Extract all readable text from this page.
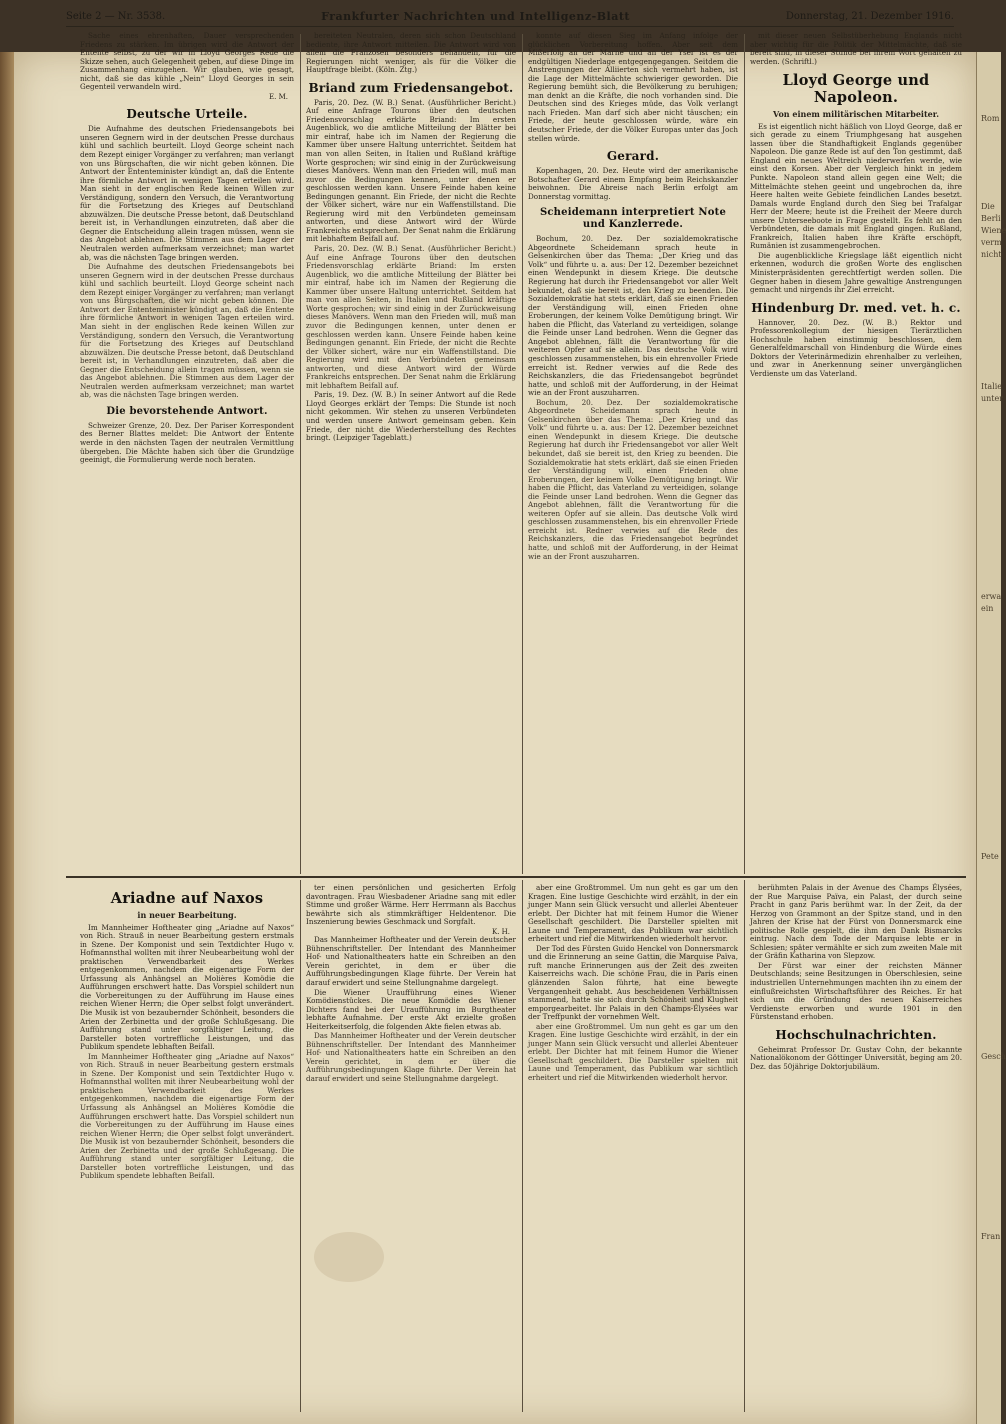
Rom
Die
Berli
Wiene
verm
nicht
Italie
unter
erwa
ein
Pete
Gesch
Fran
Seite 2 — Nr. 3538.	Frankfurter Nachrichten und Intelligenz-Blatt	Donnerstag, 21. Dezember 1916.

Sache eines ehrenhaften, Dauer versprechenden Friedens zu stärken. Im übrigen wird die Antwort der Entente selbst, zu der wir in Lloyd Georges Rede die Skizze sehen, auch Gelegenheit geben, auf diese Dinge im Zusammenhang einzugehen. Wir glauben, wie gesagt, nicht, daß sie das kühle „Nein“ Lloyd Georges in sein Gegenteil verwandeln wird.

E. M.
Deutsche Urteile.

Die Aufnahme des deutschen Friedensangebots bei unseren Gegnern wird in der deutschen Presse durchaus kühl und sachlich beurteilt. Lloyd George scheint nach dem Rezept einiger Vorgänger zu verfahren; man verlangt von uns Bürgschaften, die wir nicht geben können. Die Antwort der Ententeminister kündigt an, daß die Entente ihre förmliche Antwort in wenigen Tagen erteilen wird. Man sieht in der englischen Rede keinen Willen zur Verständigung, sondern den Versuch, die Verantwortung für die Fortsetzung des Krieges auf Deutschland abzuwälzen. Die deutsche Presse betont, daß Deutschland bereit ist, in Verhandlungen einzutreten, daß aber die Gegner die Entscheidung allein tragen müssen, wenn sie das Angebot ablehnen. Die Stimmen aus dem Lager der Neutralen werden aufmerksam verzeichnet; man wartet ab, was die nächsten Tage bringen werden.

Die Aufnahme des deutschen Friedensangebots bei unseren Gegnern wird in der deutschen Presse durchaus kühl und sachlich beurteilt. Lloyd George scheint nach dem Rezept einiger Vorgänger zu verfahren; man verlangt von uns Bürgschaften, die wir nicht geben können. Die Antwort der Ententeminister kündigt an, daß die Entente ihre förmliche Antwort in wenigen Tagen erteilen wird. Man sieht in der englischen Rede keinen Willen zur Verständigung, sondern den Versuch, die Verantwortung für die Fortsetzung des Krieges auf Deutschland abzuwälzen. Die deutsche Presse betont, daß Deutschland bereit ist, in Verhandlungen einzutreten, daß aber die Gegner die Entscheidung allein tragen müssen, wenn sie das Angebot ablehnen. Die Stimmen aus dem Lager der Neutralen werden aufmerksam verzeichnet; man wartet ab, was die nächsten Tage bringen werden.

Die bevorstehende Antwort.

Schweizer Grenze, 20. Dez. Der Pariser Korrespondent des Berner Blattes meldet: Die Antwort der Entente werde in den nächsten Tagen der neutralen Vermittlung übergeben. Die Mächte haben sich über die Grundzüge geeinigt, die Formulierung werde noch beraten.

bereiteten Neutralen, deren sich schon Deutschland bediente, ihre Antwort mitteilen. Die Antwort wird von allem die Franzosen besonders behandeln, für die Regierungen nicht weniger, als für die Völker die Hauptfrage bleibt. (Köln. Ztg.)

Briand zum Friedensangebot.

Paris, 20. Dez. (W. B.) Senat. (Ausführlicher Bericht.) Auf eine Anfrage Tourons über den deutschen Friedensvorschlag erklärte Briand: Im ersten Augenblick, wo die amtliche Mitteilung der Blätter bei mir eintraf, habe ich im Namen der Regierung die Kammer über unsere Haltung unterrichtet. Seitdem hat man von allen Seiten, in Italien und Rußland kräftige Worte gesprochen; wir sind einig in der Zurückweisung dieses Manövers. Wenn man den Frieden will, muß man zuvor die Bedingungen kennen, unter denen er geschlossen werden kann. Unsere Feinde haben keine Bedingungen genannt. Ein Friede, der nicht die Rechte der Völker sichert, wäre nur ein Waffenstillstand. Die Regierung wird mit den Verbündeten gemeinsam antworten, und diese Antwort wird der Würde Frankreichs entsprechen. Der Senat nahm die Erklärung mit lebhaftem Beifall auf.

Paris, 20. Dez. (W. B.) Senat. (Ausführlicher Bericht.) Auf eine Anfrage Tourons über den deutschen Friedensvorschlag erklärte Briand: Im ersten Augenblick, wo die amtliche Mitteilung der Blätter bei mir eintraf, habe ich im Namen der Regierung die Kammer über unsere Haltung unterrichtet. Seitdem hat man von allen Seiten, in Italien und Rußland kräftige Worte gesprochen; wir sind einig in der Zurückweisung dieses Manövers. Wenn man den Frieden will, muß man zuvor die Bedingungen kennen, unter denen er geschlossen werden kann. Unsere Feinde haben keine Bedingungen genannt. Ein Friede, der nicht die Rechte der Völker sichert, wäre nur ein Waffenstillstand. Die Regierung wird mit den Verbündeten gemeinsam antworten, und diese Antwort wird der Würde Frankreichs entsprechen. Der Senat nahm die Erklärung mit lebhaftem Beifall auf.

Paris, 19. Dez. (W. B.) In seiner Antwort auf die Rede Lloyd Georges erklärt der Temps: Die Stunde ist noch nicht gekommen. Wir stehen zu unseren Verbündeten und werden unsere Antwort gemeinsam geben. Kein Friede, der nicht die Wiederherstellung des Rechtes bringt. (Leipziger Tageblatt.)

konnte auf diesen Sieg im Anfang infolge der glücklichen Vorbereitung hoffen. Aber seit dem Mißerfolg an der Marne und an der Yser ist es der endgültigen Niederlage entgegengegangen. Seitdem die Anstrengungen der Alliierten sich vermehrt haben, ist die Lage der Mittelmächte schwieriger geworden. Die Regierung bemüht sich, die Bevölkerung zu beruhigen; man denkt an die Kräfte, die noch vorhanden sind. Die Deutschen sind des Krieges müde, das Volk verlangt nach Frieden. Man darf sich aber nicht täuschen; ein Friede, der heute geschlossen würde, wäre ein deutscher Friede, der die Völker Europas unter das Joch stellen würde.

Gerard.

Kopenhagen, 20. Dez. Heute wird der amerikanische Botschafter Gerard einem Empfang beim Reichskanzler beiwohnen. Die Abreise nach Berlin erfolgt am Donnerstag vormittag.

Scheidemann interpretiert Note und Kanzlerrede.

Bochum, 20. Dez. Der sozialdemokratische Abgeordnete Scheidemann sprach heute in Gelsenkirchen über das Thema: „Der Krieg und das Volk“ und führte u. a. aus: Der 12. Dezember bezeichnet einen Wendepunkt in diesem Kriege. Die deutsche Regierung hat durch ihr Friedensangebot vor aller Welt bekundet, daß sie bereit ist, den Krieg zu beenden. Die Sozialdemokratie hat stets erklärt, daß sie einen Frieden der Verständigung will, einen Frieden ohne Eroberungen, der keinem Volke Demütigung bringt. Wir haben die Pflicht, das Vaterland zu verteidigen, solange die Feinde unser Land bedrohen. Wenn die Gegner das Angebot ablehnen, fällt die Verantwortung für die weiteren Opfer auf sie allein. Das deutsche Volk wird geschlossen zusammenstehen, bis ein ehrenvoller Friede erreicht ist. Redner verwies auf die Rede des Reichskanzlers, die das Friedensangebot begründet hatte, und schloß mit der Aufforderung, in der Heimat wie an der Front auszuharren.

Bochum, 20. Dez. Der sozialdemokratische Abgeordnete Scheidemann sprach heute in Gelsenkirchen über das Thema: „Der Krieg und das Volk“ und führte u. a. aus: Der 12. Dezember bezeichnet einen Wendepunkt in diesem Kriege. Die deutsche Regierung hat durch ihr Friedensangebot vor aller Welt bekundet, daß sie bereit ist, den Krieg zu beenden. Die Sozialdemokratie hat stets erklärt, daß sie einen Frieden der Verständigung will, einen Frieden ohne Eroberungen, der keinem Volke Demütigung bringt. Wir haben die Pflicht, das Vaterland zu verteidigen, solange die Feinde unser Land bedrohen. Wenn die Gegner das Angebot ablehnen, fällt die Verantwortung für die weiteren Opfer auf sie allein. Das deutsche Volk wird geschlossen zusammenstehen, bis ein ehrenvoller Friede erreicht ist. Redner verwies auf die Rede des Reichskanzlers, die das Friedensangebot begründet hatte, und schloß mit der Aufforderung, in der Heimat wie an der Front auszuharren.

mit dieser neuen Selbstüberhebung Englands nicht aber wichtig für die Politik der Mittelmächte, daß sie bereit sind, in dieser Stunde bei ihrem Wort gehalten zu werden. (Schriftl.)

Lloyd George und Napoleon.
Von einem militärischen Mitarbeiter.

Es ist eigentlich nicht häßlich von Lloyd George, daß er sich gerade zu einem Triumphgesang hat ausgehen lassen über die Standhaftigkeit Englands gegenüber Napoleon. Die ganze Rede ist auf den Ton gestimmt, daß England ein neues Weltreich niederwerfen werde, wie einst den Korsen. Aber der Vergleich hinkt in jedem Punkte. Napoleon stand allein gegen eine Welt; die Mittelmächte stehen geeint und ungebrochen da, ihre Heere halten weite Gebiete feindlichen Landes besetzt. Damals wurde England durch den Sieg bei Trafalgar Herr der Meere; heute ist die Freiheit der Meere durch unsere Unterseeboote in Frage gestellt. Es fehlt an den Verbündeten, die damals mit England gingen. Rußland, Frankreich, Italien haben ihre Kräfte erschöpft, Rumänien ist zusammengebrochen.

Die augenblickliche Kriegslage läßt eigentlich nicht erkennen, wodurch die großen Worte des englischen Ministerpräsidenten gerechtfertigt werden sollen. Die Gegner haben in diesem Jahre gewaltige Anstrengungen gemacht und nirgends ihr Ziel erreicht.

Hindenburg Dr. med. vet. h. c.

Hannover, 20. Dez. (W. B.) Rektor und Professorenkollegium der hiesigen Tierärztlichen Hochschule haben einstimmig beschlossen, dem Generalfeldmarschall von Hindenburg die Würde eines Doktors der Veterinärmedizin ehrenhalber zu verleihen, und zwar in Anerkennung seiner unvergänglichen Verdienste um das Vaterland.

Ariadne auf Naxos
in neuer Bearbeitung.

Im Mannheimer Hoftheater ging „Ariadne auf Naxos“ von Rich. Strauß in neuer Bearbeitung gestern erstmals in Szene. Der Komponist und sein Textdichter Hugo v. Hofmannsthal wollten mit ihrer Neubearbeitung wohl der praktischen Verwendbarkeit des Werkes entgegenkommen, nachdem die eigenartige Form der Urfassung als Anhängsel an Molières Komödie die Aufführungen erschwert hatte. Das Vorspiel schildert nun die Vorbereitungen zu der Aufführung im Hause eines reichen Wiener Herrn; die Oper selbst folgt unverändert. Die Musik ist von bezaubernder Schönheit, besonders die Arien der Zerbinetta und der große Schlußgesang. Die Aufführung stand unter sorgfältiger Leitung, die Darsteller boten vortreffliche Leistungen, und das Publikum spendete lebhaften Beifall.

Im Mannheimer Hoftheater ging „Ariadne auf Naxos“ von Rich. Strauß in neuer Bearbeitung gestern erstmals in Szene. Der Komponist und sein Textdichter Hugo v. Hofmannsthal wollten mit ihrer Neubearbeitung wohl der praktischen Verwendbarkeit des Werkes entgegenkommen, nachdem die eigenartige Form der Urfassung als Anhängsel an Molières Komödie die Aufführungen erschwert hatte. Das Vorspiel schildert nun die Vorbereitungen zu der Aufführung im Hause eines reichen Wiener Herrn; die Oper selbst folgt unverändert. Die Musik ist von bezaubernder Schönheit, besonders die Arien der Zerbinetta und der große Schlußgesang. Die Aufführung stand unter sorgfältiger Leitung, die Darsteller boten vortreffliche Leistungen, und das Publikum spendete lebhaften Beifall.

ter einen persönlichen und gesicherten Erfolg davontragen. Frau Wiesbadener Ariadne sang mit edler Stimme und großer Wärme. Herr Herrmann als Bacchus bewährte sich als stimmkräftiger Heldentenor. Die Inszenierung bewies Geschmack und Sorgfalt.

K. H.

Das Mannheimer Hoftheater und der Verein deutscher Bühnenschriftsteller. Der Intendant des Mannheimer Hof- und Nationaltheaters hatte ein Schreiben an den Verein gerichtet, in dem er über die Aufführungsbedingungen Klage führte. Der Verein hat darauf erwidert und seine Stellungnahme dargelegt.

Die Wiener Uraufführung eines Wiener Komödienstückes. Die neue Komödie des Wiener Dichters fand bei der Uraufführung im Burgtheater lebhafte Aufnahme. Der erste Akt erzielte großen Heiterkeitserfolg, die folgenden Akte fielen etwas ab.

Das Mannheimer Hoftheater und der Verein deutscher Bühnenschriftsteller. Der Intendant des Mannheimer Hof- und Nationaltheaters hatte ein Schreiben an den Verein gerichtet, in dem er über die Aufführungsbedingungen Klage führte. Der Verein hat darauf erwidert und seine Stellungnahme dargelegt.

aber eine Großtrommel. Um nun geht es gar um den Kragen. Eine lustige Geschichte wird erzählt, in der ein junger Mann sein Glück versucht und allerlei Abenteuer erlebt. Der Dichter hat mit feinem Humor die Wiener Gesellschaft geschildert. Die Darsteller spielten mit Laune und Temperament, das Publikum war sichtlich erheitert und rief die Mitwirkenden wiederholt hervor.

Der Tod des Fürsten Guido Henckel von Donnersmarck und die Erinnerung an seine Gattin, die Marquise Païva, ruft manche Erinnerungen aus der Zeit des zweiten Kaiserreichs wach. Die schöne Frau, die in Paris einen glänzenden Salon führte, hat eine bewegte Vergangenheit gehabt. Aus bescheidenen Verhältnissen stammend, hatte sie sich durch Schönheit und Klugheit emporgearbeitet. Ihr Palais in den Champs-Élysées war der Treffpunkt der vornehmen Welt.

aber eine Großtrommel. Um nun geht es gar um den Kragen. Eine lustige Geschichte wird erzählt, in der ein junger Mann sein Glück versucht und allerlei Abenteuer erlebt. Der Dichter hat mit feinem Humor die Wiener Gesellschaft geschildert. Die Darsteller spielten mit Laune und Temperament, das Publikum war sichtlich erheitert und rief die Mitwirkenden wiederholt hervor.

berühmten Palais in der Avenue des Champs Élysées, der Rue Marquise Païva, ein Palast, der durch seine Pracht in ganz Paris berühmt war. In der Zeit, da der Herzog von Grammont an der Spitze stand, und in den Jahren der Krise hat der Fürst von Donnersmarck eine politische Rolle gespielt, die ihm den Dank Bismarcks eintrug. Nach dem Tode der Marquise lebte er in Schlesien; später vermählte er sich zum zweiten Male mit der Gräfin Katharina von Slepzow.

Der Fürst war einer der reichsten Männer Deutschlands; seine Besitzungen in Oberschlesien, seine industriellen Unternehmungen machten ihn zu einem der einflußreichsten Wirtschaftsführer des Reiches. Er hat sich um die Gründung des neuen Kaiserreiches Verdienste erworben und wurde 1901 in den Fürstenstand erhoben.

Hochschulnachrichten.

Geheimrat Professor Dr. Gustav Cohn, der bekannte Nationalökonom der Göttinger Universität, beging am 20. Dez. das 50jährige Doktorjubiläum.
